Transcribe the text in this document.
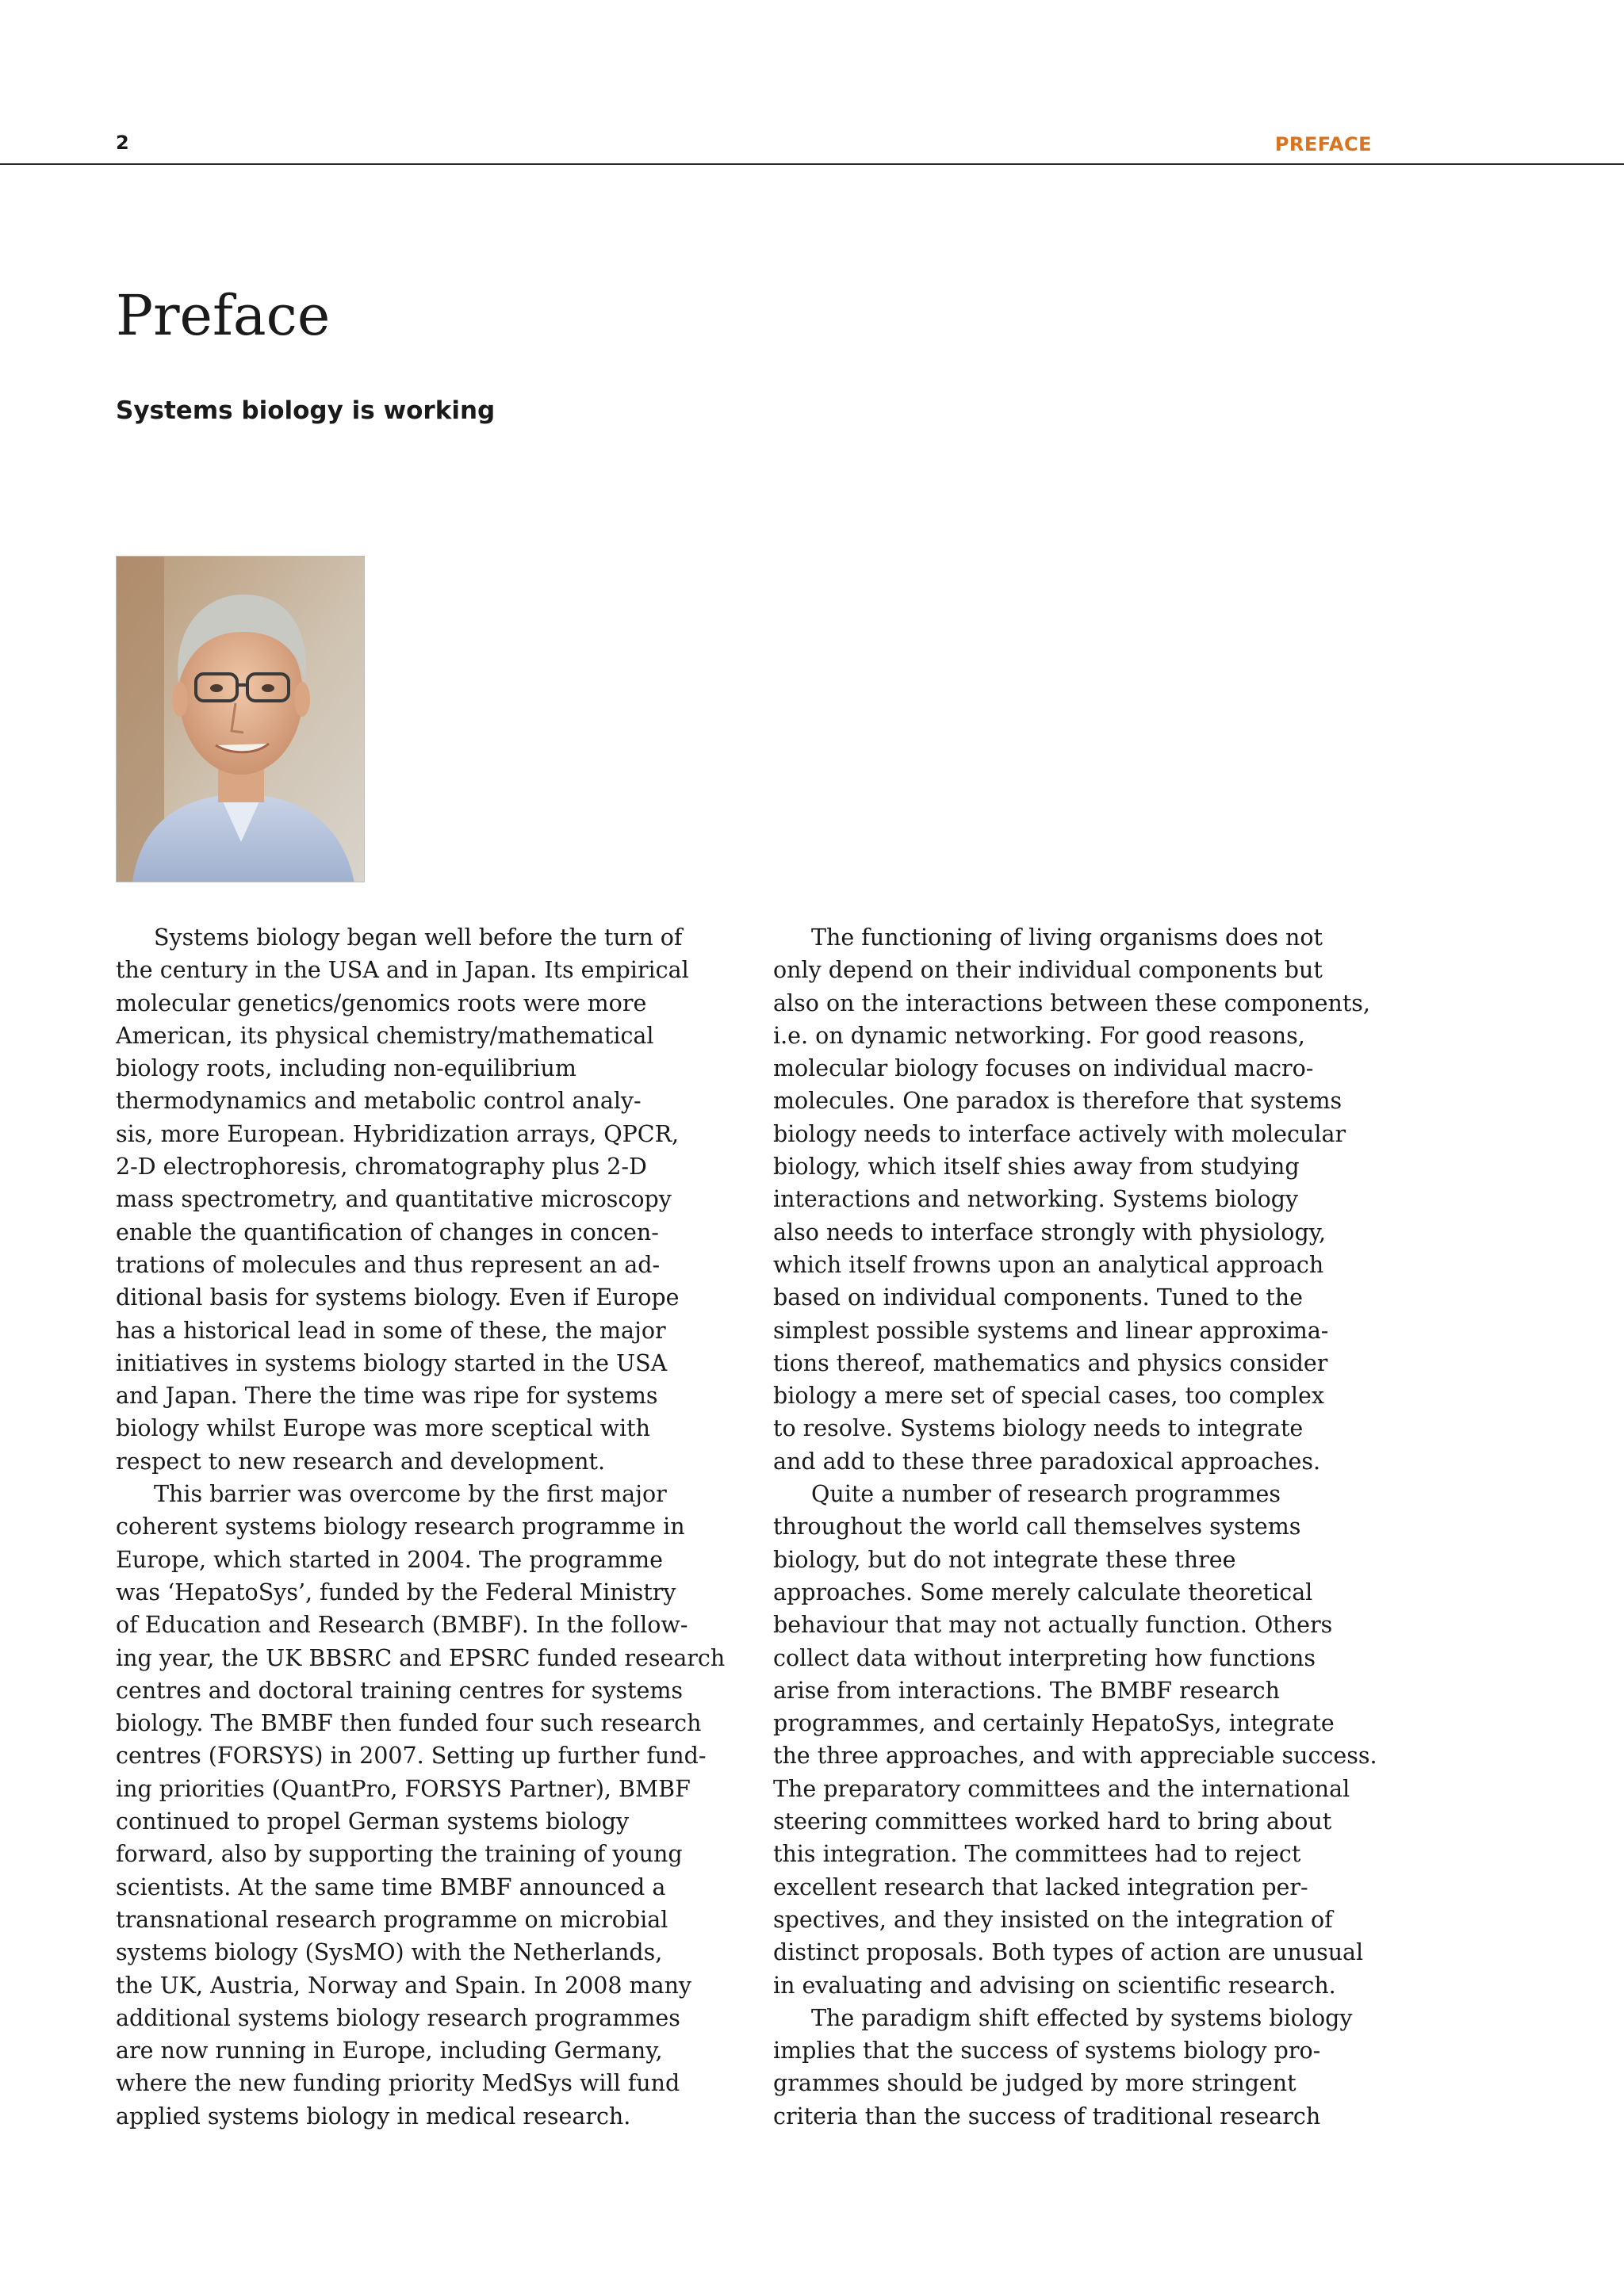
2	PREFACE
Preface
Systems biology is working
Systems biology began well before the turn of
the century in the USA and in Japan. Its empirical
molecular genetics/genomics roots were more
American, its physical chemistry/mathematical
biology roots, including non-equilibrium
thermodynamics and metabolic control analy-
sis, more European. Hybridization arrays, QPCR,
2-D electrophoresis, chromatography plus 2-D
mass spectrometry, and quantitative microscopy
enable the quantification of changes in concen-
trations of molecules and thus represent an ad-
ditional basis for systems biology. Even if Europe
has a historical lead in some of these, the major
initiatives in systems biology started in the USA
and Japan. There the time was ripe for systems
biology whilst Europe was more sceptical with
respect to new research and development.
This barrier was overcome by the first major
coherent systems biology research programme in
Europe, which started in 2004. The programme
was ‘HepatoSys’, funded by the Federal Ministry
of Education and Research (BMBF). In the follow-
ing year, the UK BBSRC and EPSRC funded research
centres and doctoral training centres for systems
biology. The BMBF then funded four such research
centres (FORSYS) in 2007. Setting up further fund-
ing priorities (QuantPro, FORSYS Partner), BMBF
continued to propel German systems biology
forward, also by supporting the training of young
scientists. At the same time BMBF announced a
transnational research programme on microbial
systems biology (SysMO) with the Netherlands,
the UK, Austria, Norway and Spain. In 2008 many
additional systems biology research programmes
are now running in Europe, including Germany,
where the new funding priority MedSys will fund
applied systems biology in medical research.
The functioning of living organisms does not
only depend on their individual components but
also on the interactions between these components,
i.e. on dynamic networking. For good reasons,
molecular biology focuses on individual macro-
molecules. One paradox is therefore that systems
biology needs to interface actively with molecular
biology, which itself shies away from studying
interactions and networking. Systems biology
also needs to interface strongly with physiology,
which itself frowns upon an analytical approach
based on individual components. Tuned to the
simplest possible systems and linear approxima-
tions thereof, mathematics and physics consider
biology a mere set of special cases, too complex
to resolve. Systems biology needs to integrate
and add to these three paradoxical approaches.
Quite a number of research programmes
throughout the world call themselves systems
biology, but do not integrate these three
approaches. Some merely calculate theoretical
behaviour that may not actually function. Others
collect data without interpreting how functions
arise from interactions. The BMBF research
programmes, and certainly HepatoSys, integrate
the three approaches, and with appreciable success.
The preparatory committees and the international
steering committees worked hard to bring about
this integration. The committees had to reject
excellent research that lacked integration per-
spectives, and they insisted on the integration of
distinct proposals. Both types of action are unusual
in evaluating and advising on scientific research.
The paradigm shift effected by systems biology
implies that the success of systems biology pro-
grammes should be judged by more stringent
criteria than the success of traditional research
